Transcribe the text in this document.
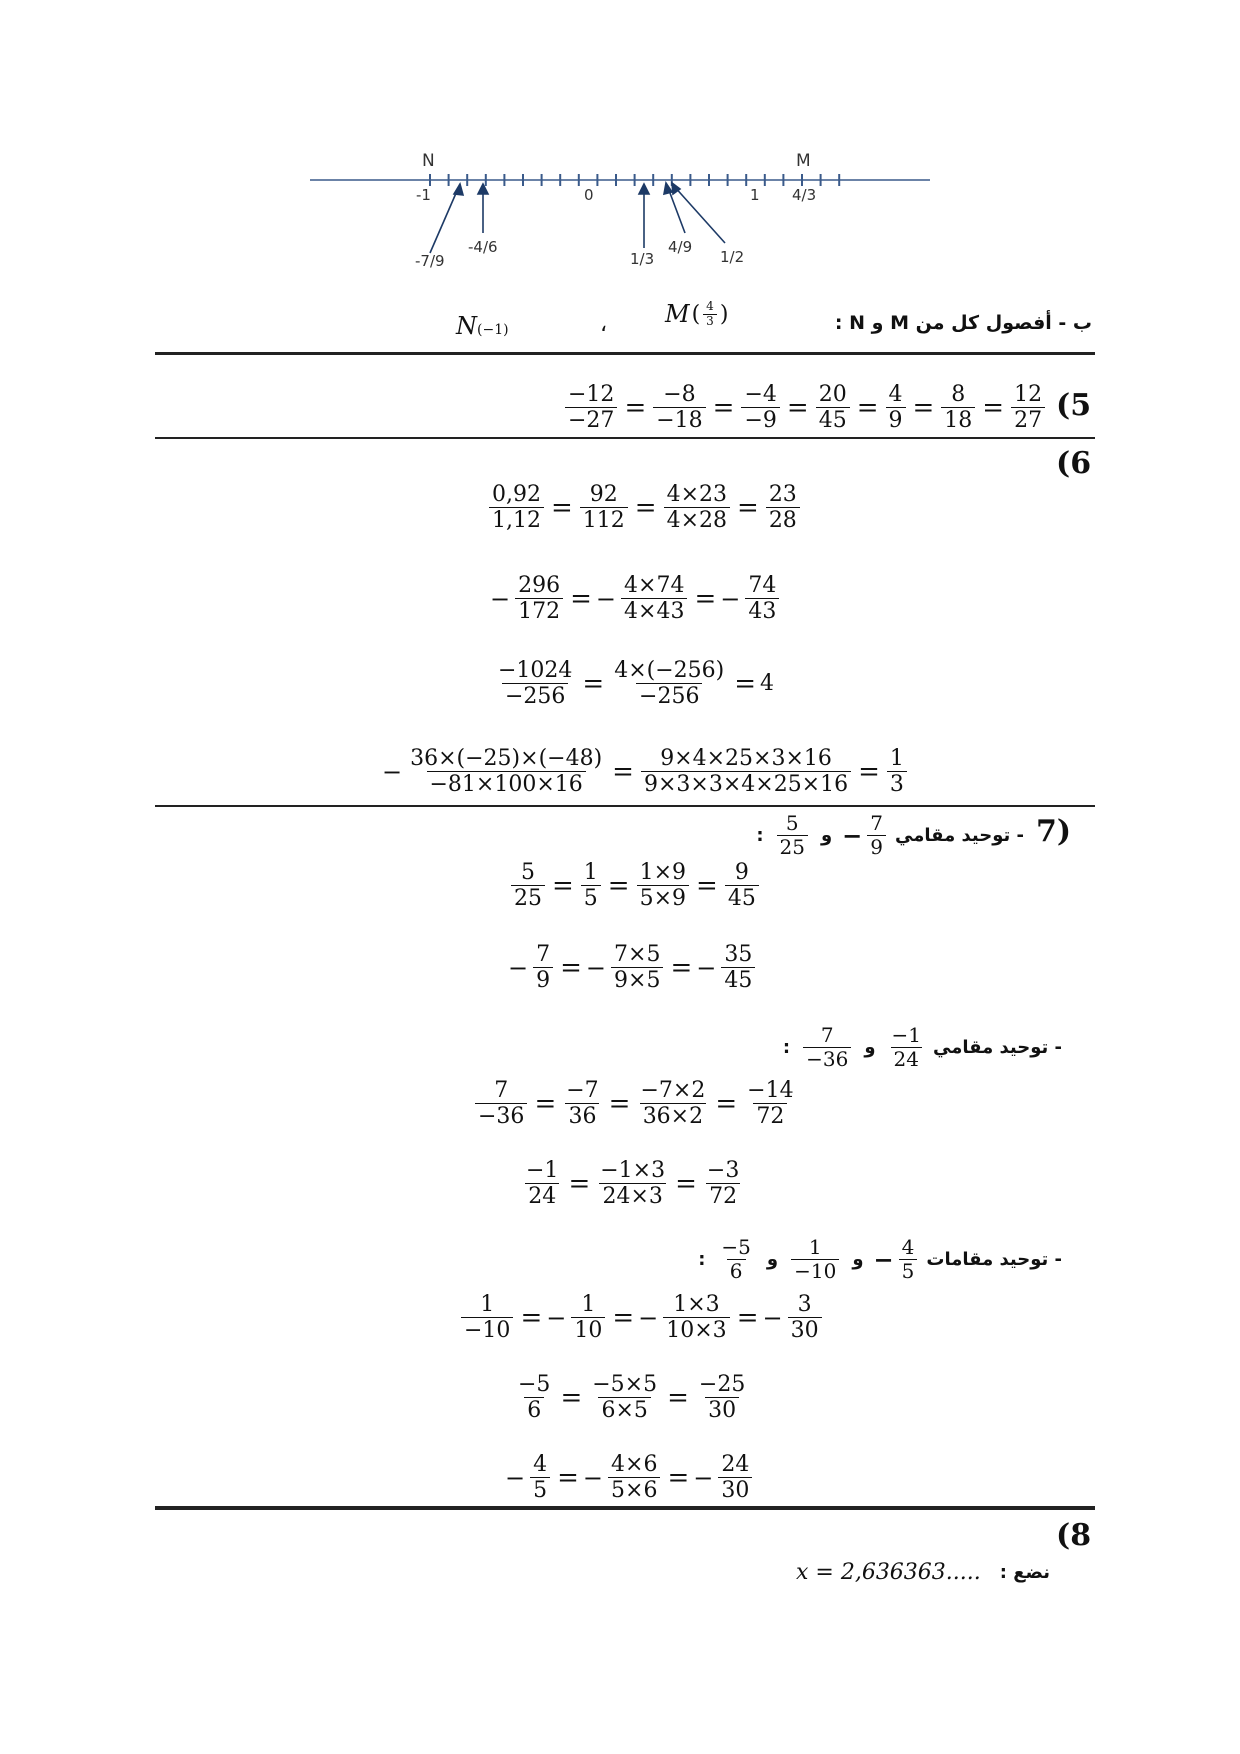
N	M
-1	0	1 4/3
-7/9
-4/6
1/3
4/9
1/2
ب - أفصول كل من M و N :
M ( $\frac{4}{3}$ )
،
N(−1)
(5
$\frac{-12}{-27} = \frac{-8}{-18} = \frac{-4}{-9} = \frac{20}{45} = \frac{4}{9} = \frac{8}{18} = \frac{12}{27}$
(6
$\frac{0,92}{1,12} = \frac{92}{112} = \frac{4\times 23}{4\times 28} = \frac{23}{28}$
− $\frac{296}{172}$ = − $\frac{4\times 74}{4\times 43}$ = − $\frac{74}{43}$
$\frac{-1024}{-256} = \frac{4\times(-256)}{-256} = 4$
− $\frac{36\times(-25)\times(-48)}{-81\times 100\times 16} = \frac{9\times 4\times 25\times 3\times 16}{9\times 3\times 3\times 4\times 25\times 16} = \frac{1}{3}$
7)
- توحيد مقامي
− $\frac{7}{9}$
و
$\frac{5}{25}$
:
$\frac{5}{25} = \frac{1}{5} = \frac{1\times 9}{5\times 9} = \frac{9}{45}$
− $\frac{7}{9}$ = − $\frac{7\times 5}{9\times 5}$ = − $\frac{35}{45}$
- توحيد مقامي
$\frac{-1}{24}$
و
$\frac{7}{-36}$
:
$\frac{7}{-36} = \frac{-7}{36} = \frac{-7\times 2}{36\times 2} = \frac{-14}{72}$
$\frac{-1}{24} = \frac{-1\times 3}{24\times 3} = \frac{-3}{72}$
- توحيد مقامات
− $\frac{4}{5}$
و
$\frac{1}{-10}$
و
$\frac{-5}{6}$
:
$\frac{1}{-10}$ = − $\frac{1}{10}$ = − $\frac{1\times 3}{10\times 3}$ = − $\frac{3}{30}$
$\frac{-5}{6} = \frac{-5\times 5}{6\times 5} = \frac{-25}{30}$
− $\frac{4}{5}$ = − $\frac{4\times 6}{5\times 6}$ = − $\frac{24}{30}$
(8
نضع :
x = 2,636363.....
